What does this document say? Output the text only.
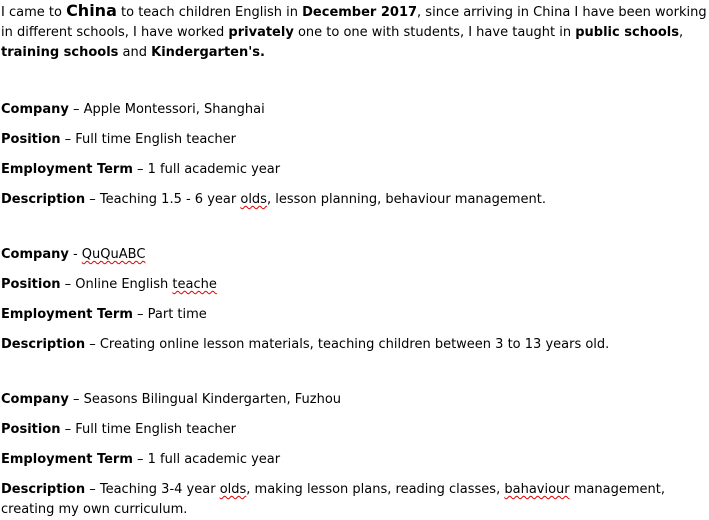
I came to China to teach children English in December 2017, since arriving in China I have been working in different schools, I have worked privately one to one with students, I have taught in public schools, training schools and Kindergarten's.

Company – Apple Montessori, Shanghai

Position – Full time English teacher

Employment Term – 1 full academic year

Description – Teaching 1.5 - 6 year olds, lesson planning, behaviour management.

Company - QuQuABC

Position – Online English teache

Employment Term – Part time

Description – Creating online lesson materials, teaching children between 3 to 13 years old.

Company – Seasons Bilingual Kindergarten, Fuzhou

Position – Full time English teacher

Employment Term – 1 full academic year

Description – Teaching 3-4 year olds, making lesson plans, reading classes, bahaviour management, creating my own curriculum.
